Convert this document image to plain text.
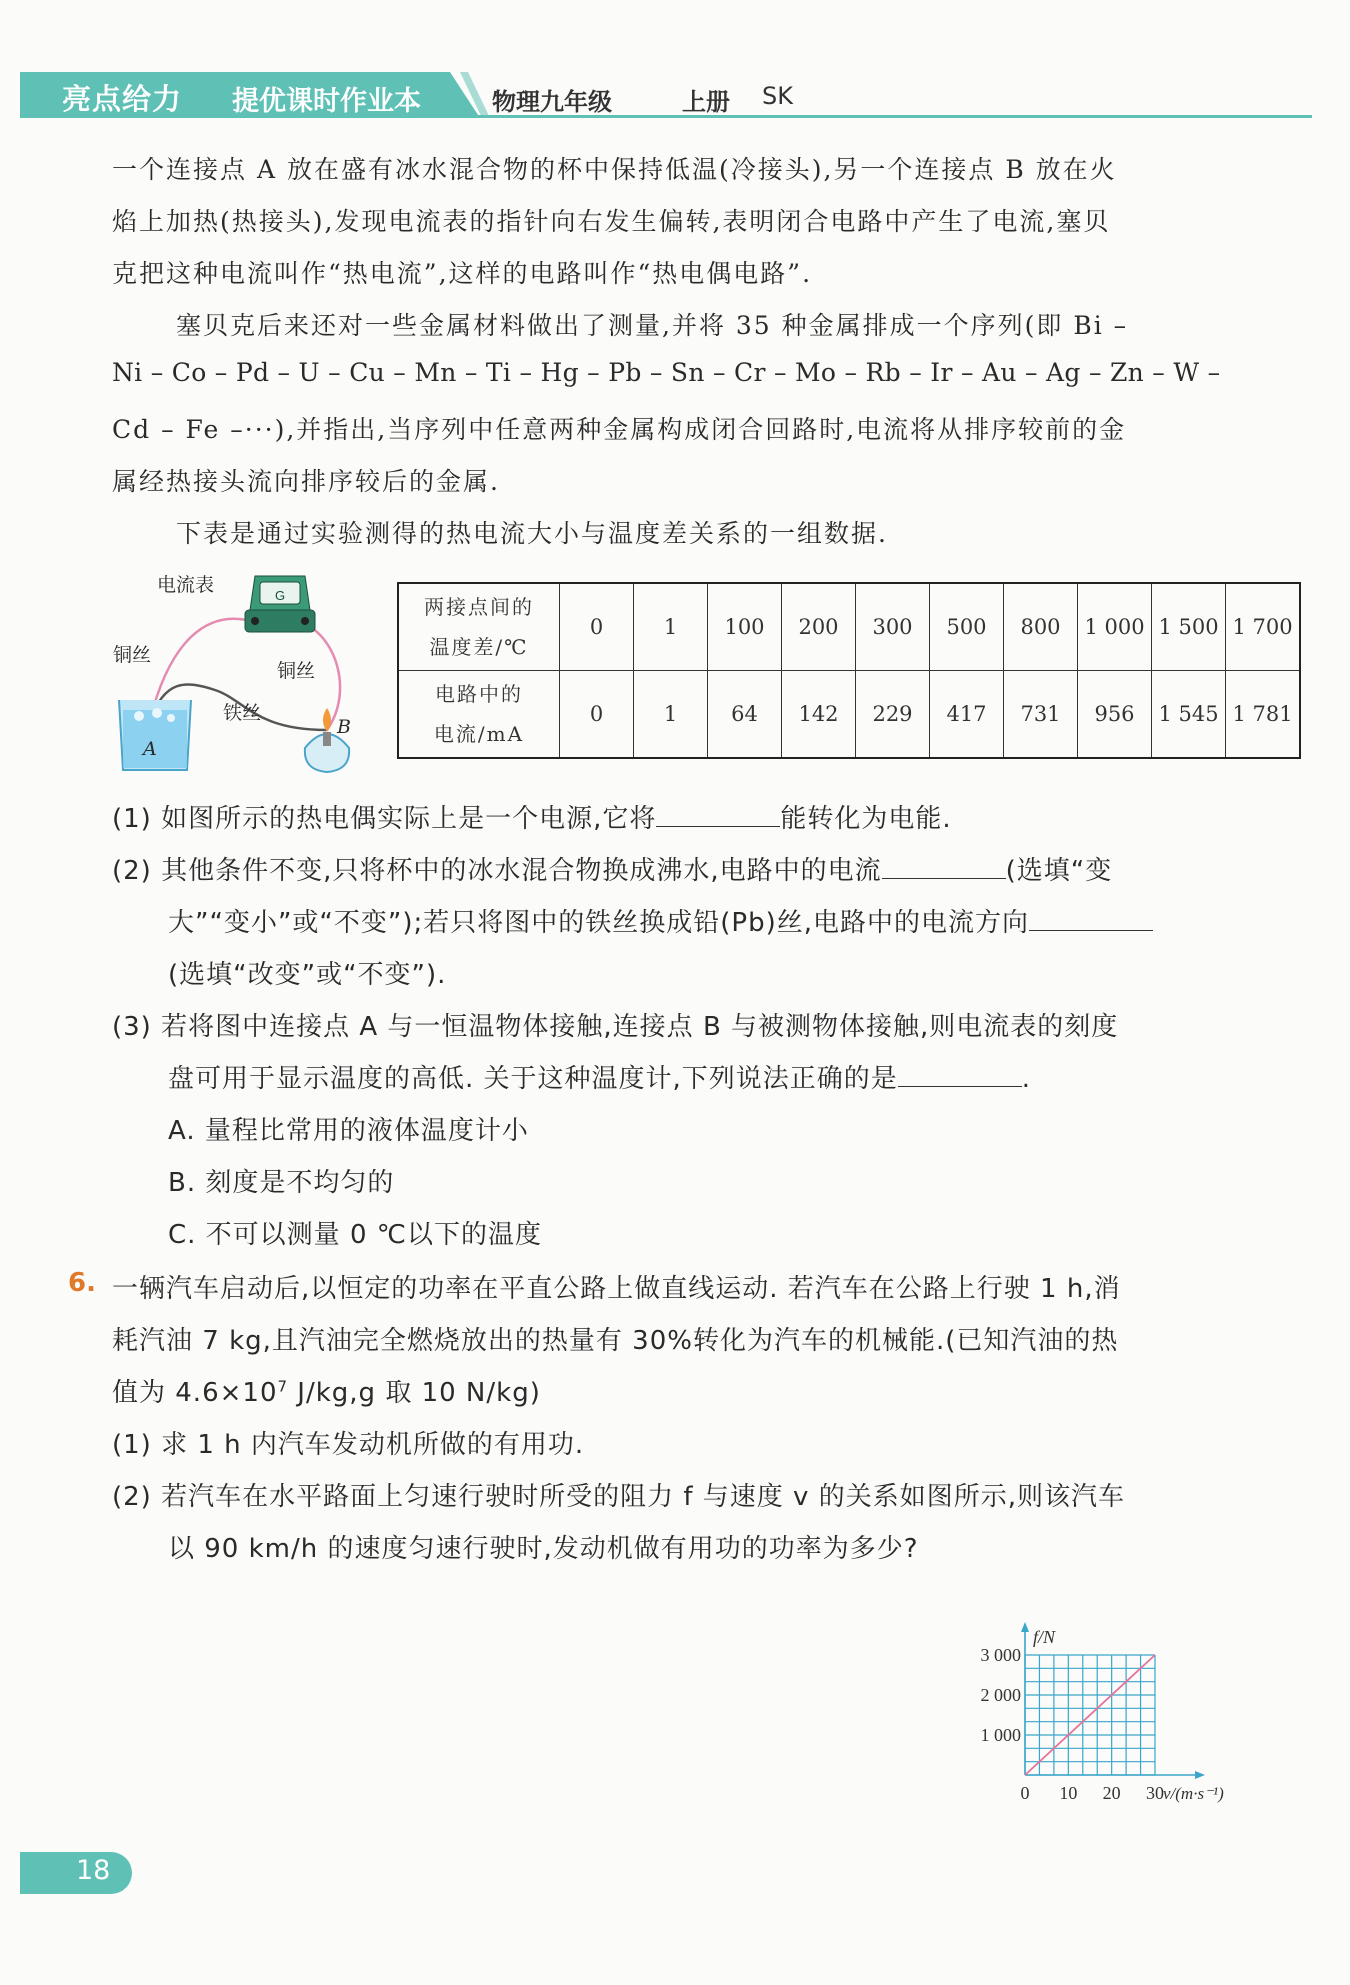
亮点给力 提优课时作业本	物理九年级	上册 SK
一个连接点 A 放在盛有冰水混合物的杯中保持低温(冷接头),另一个连接点 B 放在火
焰上加热(热接头),发现电流表的指针向右发生偏转,表明闭合电路中产生了电流,塞贝
克把这种电流叫作“热电流”,这样的电路叫作“热电偶电路”.
塞贝克后来还对一些金属材料做出了测量,并将 35 种金属排成一个序列(即 Bi –
Ni – Co – Pd – U – Cu – Mn – Ti – Hg – Pb – Sn – Cr – Mo – Rb – Ir – Au – Ag – Zn – W –
Cd – Fe –···),并指出,当序列中任意两种金属构成闭合回路时,电流将从排序较前的金
属经热接头流向排序较后的金属.
下表是通过实验测得的热电流大小与温度差关系的一组数据.
G
电流表
铜丝
铜丝
铁丝
A
B
两接点间的
温度差/℃	0	1	100	200	300	500	800	1 000	1 500	1 700

电路中的
电流/mA	0	1	64	142	229	417	731	956	1 545	1 781
(1) 如图所示的热电偶实际上是一个电源,它将	能转化为电能.
(2) 其他条件不变,只将杯中的冰水混合物换成沸水,电路中的电流	(选填“变
大”“变小”或“不变”);若只将图中的铁丝换成铅(Pb)丝,电路中的电流方向
(选填“改变”或“不变”).
(3) 若将图中连接点 A 与一恒温物体接触,连接点 B 与被测物体接触,则电流表的刻度
盘可用于显示温度的高低. 关于这种温度计,下列说法正确的是	.
A. 量程比常用的液体温度计小
B. 刻度是不均匀的
C. 不可以测量 0 ℃以下的温度
6. 一辆汽车启动后,以恒定的功率在平直公路上做直线运动. 若汽车在公路上行驶 1 h,消
耗汽油 7 kg,且汽油完全燃烧放出的热量有 30%转化为汽车的机械能.(已知汽油的热
值为 $4.6\times 10^7$ J/kg,g 取 10 N/kg)
(1) 求 1 h 内汽车发动机所做的有用功.
(2) 若汽车在水平路面上匀速行驶时所受的阻力 f 与速度 v 的关系如图所示,则该汽车
以 90 km/h 的速度匀速行驶时,发动机做有用功的功率为多少?
0 10 20 30
1 000
2 000
3 000
v/(m·s⁻¹)
f/N
18
